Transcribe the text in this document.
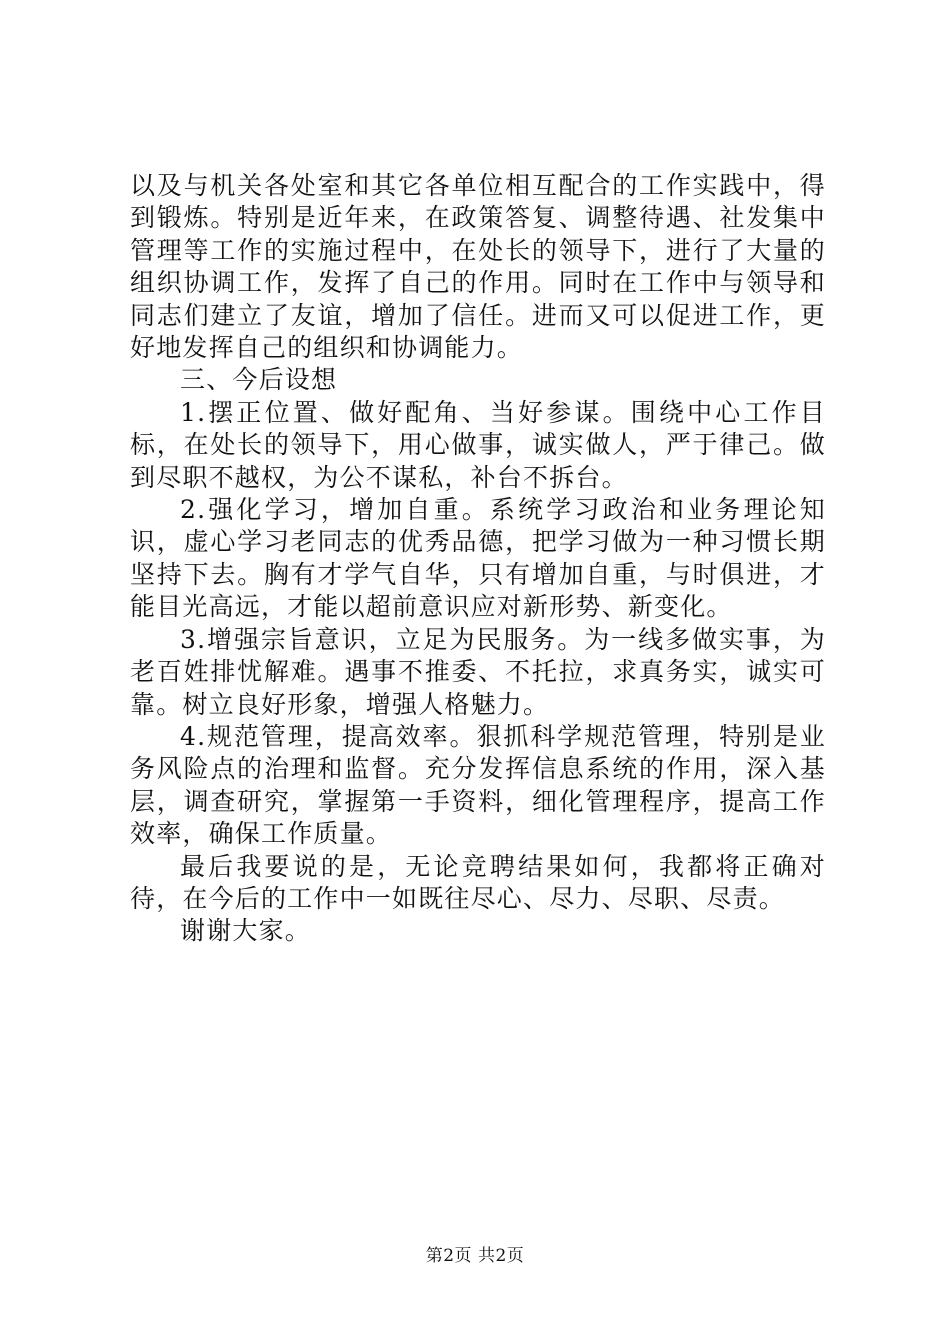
以及与机关各处室和其它各单位相互配合的工作实践中，得到锻炼。特别是近年来，在政策答复、调整待遇、社发集中管理等工作的实施过程中，在处长的领导下，进行了大量的组织协调工作，发挥了自己的作用。同时在工作中与领导和同志们建立了友谊，增加了信任。进而又可以促进工作，更好地发挥自己的组织和协调能力。

三、今后设想

1.摆正位置、做好配角、当好参谋。围绕中心工作目标，在处长的领导下，用心做事，诚实做人，严于律己。做到尽职不越权，为公不谋私，补台不拆台。

2.强化学习，增加自重。系统学习政治和业务理论知识，虚心学习老同志的优秀品德，把学习做为一种习惯长期坚持下去。胸有才学气自华，只有增加自重，与时俱进，才能目光高远，才能以超前意识应对新形势、新变化。

3.增强宗旨意识，立足为民服务。为一线多做实事，为老百姓排忧解难。遇事不推委、不托拉，求真务实，诚实可靠。树立良好形象，增强人格魅力。

4.规范管理，提高效率。狠抓科学规范管理，特别是业务风险点的治理和监督。充分发挥信息系统的作用，深入基层，调查研究，掌握第一手资料，细化管理程序，提高工作效率，确保工作质量。

最后我要说的是，无论竞聘结果如何，我都将正确对待，在今后的工作中一如既往尽心、尽力、尽职、尽责。

谢谢大家。

第2页 共2页
